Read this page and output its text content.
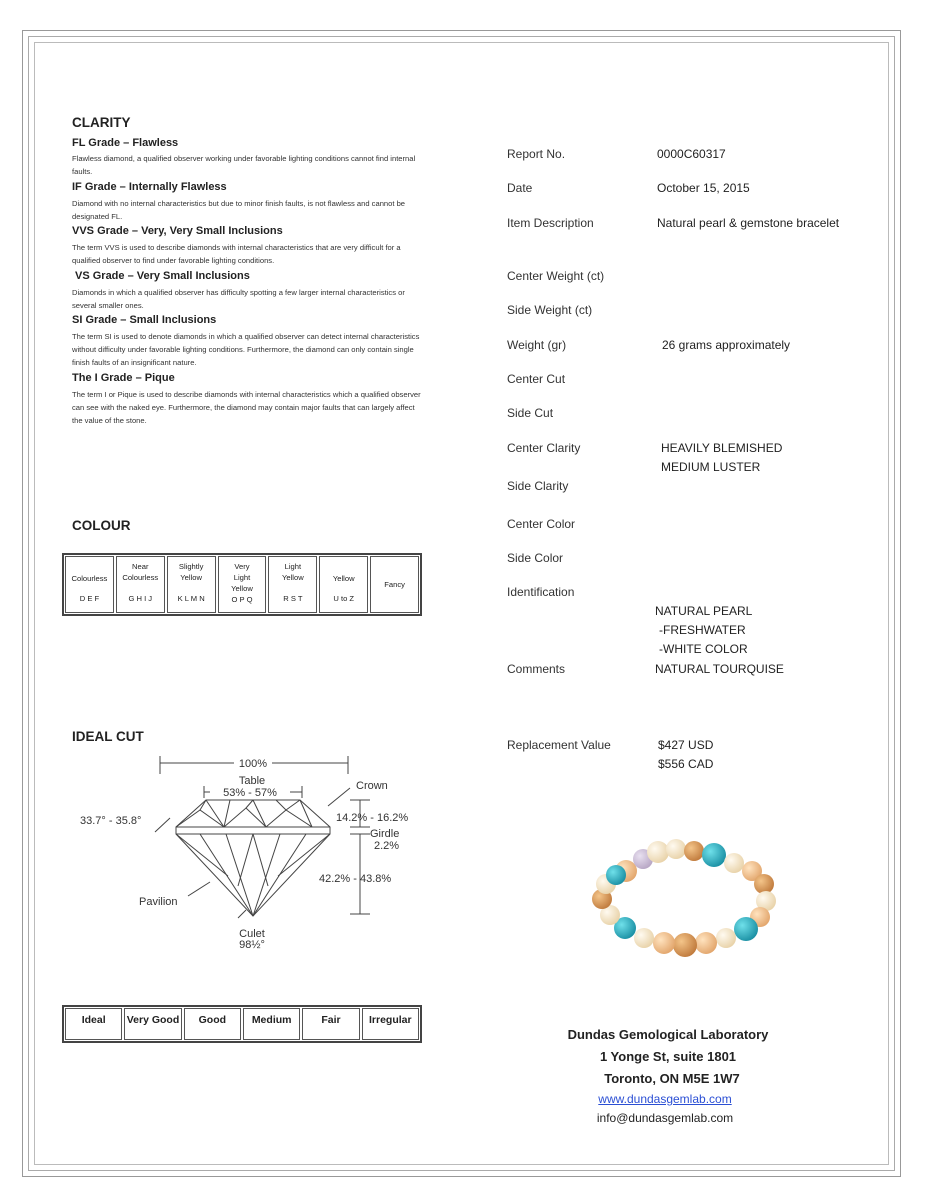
CLARITY
FL Grade – Flawless
Flawless diamond, a qualified observer working under favorable lighting conditions cannot find internal faults.
IF Grade – Internally Flawless
Diamond with no internal characteristics but due to minor finish faults, is not flawless and cannot be designated FL.
VVS Grade – Very, Very Small Inclusions
The term VVS is used to describe diamonds with internal characteristics that are very difficult for a qualified observer to find under favorable lighting conditions.
VS Grade – Very Small Inclusions
Diamonds in which a qualified observer has difficulty spotting a few larger internal characteristics or several smaller ones.
SI Grade – Small Inclusions
The term SI is used to denote diamonds in which a qualified observer can detect internal characteristics without difficulty under favorable lighting conditions. Furthermore, the diamond can only contain single finish faults of an insignificant nature.
The I Grade – Pique
The term I or Pique is used to describe diamonds with internal characteristics which a qualified observer can see with the naked eye. Furthermore, the diamond may contain major faults that can largely affect the value of the stone.
COLOUR
Colourless
D E F
Near Colourless
G H I J
Slightly Yellow
K L M N
Very Light Yellow
O P Q
Light Yellow
R S T
Yellow
U to Z
Fancy
IDEAL CUT
100%
Table
53% - 57%
Crown
33.7° - 35.8°	14.2% - 16.2%
Girdle
2.2%
42.2% - 43.8%
Pavilion
Culet
98½°
Ideal	Very Good	Good	Medium	Fair	Irregular
Report No.	0000C60317
Date	October 15, 2015
Item Description	Natural pearl & gemstone bracelet
Center Weight (ct)
Side Weight (ct)
Weight (gr)	26 grams approximately
Center Cut
Side Cut
Center Clarity	HEAVILY BLEMISHED
MEDIUM LUSTER
Side Clarity
Center Color
Side Color
Identification
NATURAL PEARL
-FRESHWATER
-WHITE COLOR
Comments	NATURAL TOURQUISE
Replacement Value	$427 USD
$556 CAD
Dundas Gemological Laboratory
1 Yonge St, suite 1801
Toronto, ON M5E 1W7
www.dundasgemlab.com
info@dundasgemlab.com
